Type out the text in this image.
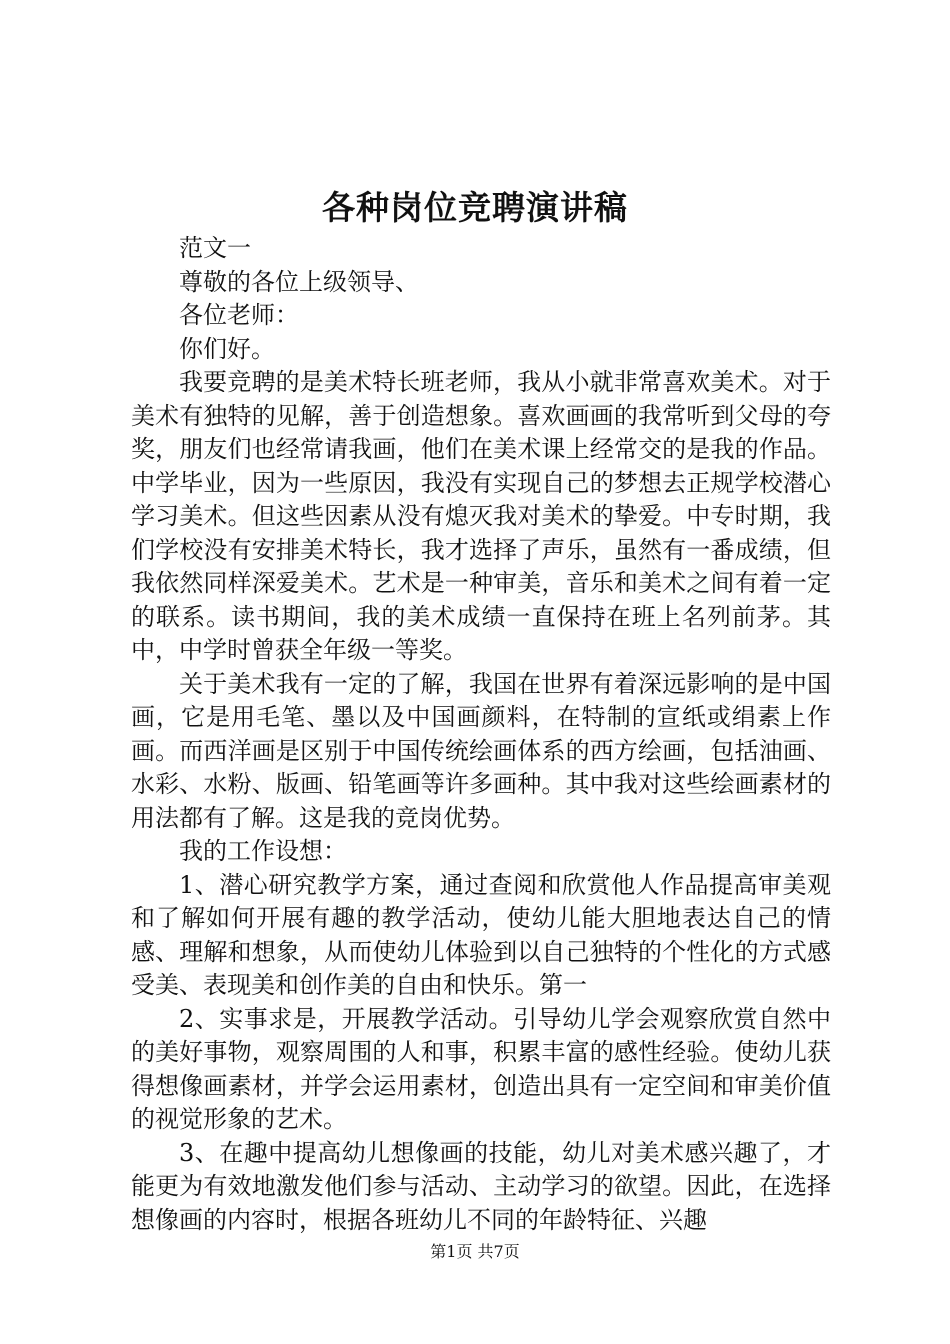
各种岗位竞聘演讲稿

范文一

尊敬的各位上级领导、

各位老师：

你们好。

我要竞聘的是美术特长班老师，我从小就非常喜欢美术。对于美术有独特的见解，善于创造想象。喜欢画画的我常听到父母的夸奖，朋友们也经常请我画，他们在美术课上经常交的是我的作品。中学毕业，因为一些原因，我没有实现自己的梦想去正规学校潜心学习美术。但这些因素从没有熄灭我对美术的挚爱。中专时期，我们学校没有安排美术特长，我才选择了声乐，虽然有一番成绩，但我依然同样深爱美术。艺术是一种审美，音乐和美术之间有着一定的联系。读书期间，我的美术成绩一直保持在班上名列前茅。其中，中学时曾获全年级一等奖。

关于美术我有一定的了解，我国在世界有着深远影响的是中国画，它是用毛笔、墨以及中国画颜料，在特制的宣纸或绢素上作画。而西洋画是区别于中国传统绘画体系的西方绘画，包括油画、水彩、水粉、版画、铅笔画等许多画种。其中我对这些绘画素材的用法都有了解。这是我的竞岗优势。

我的工作设想：

1、潜心研究教学方案，通过查阅和欣赏他人作品提高审美观和了解如何开展有趣的教学活动，使幼儿能大胆地表达自己的情感、理解和想象，从而使幼儿体验到以自己独特的个性化的方式感受美、表现美和创作美的自由和快乐。第一

2、实事求是，开展教学活动。引导幼儿学会观察欣赏自然中的美好事物，观察周围的人和事，积累丰富的感性经验。使幼儿获得想像画素材，并学会运用素材，创造出具有一定空间和审美价值的视觉形象的艺术。

3、在趣中提高幼儿想像画的技能，幼儿对美术感兴趣了，才能更为有效地激发他们参与活动、主动学习的欲望。因此，在选择想像画的内容时，根据各班幼儿不同的年龄特征、兴趣

第1页 共7页
